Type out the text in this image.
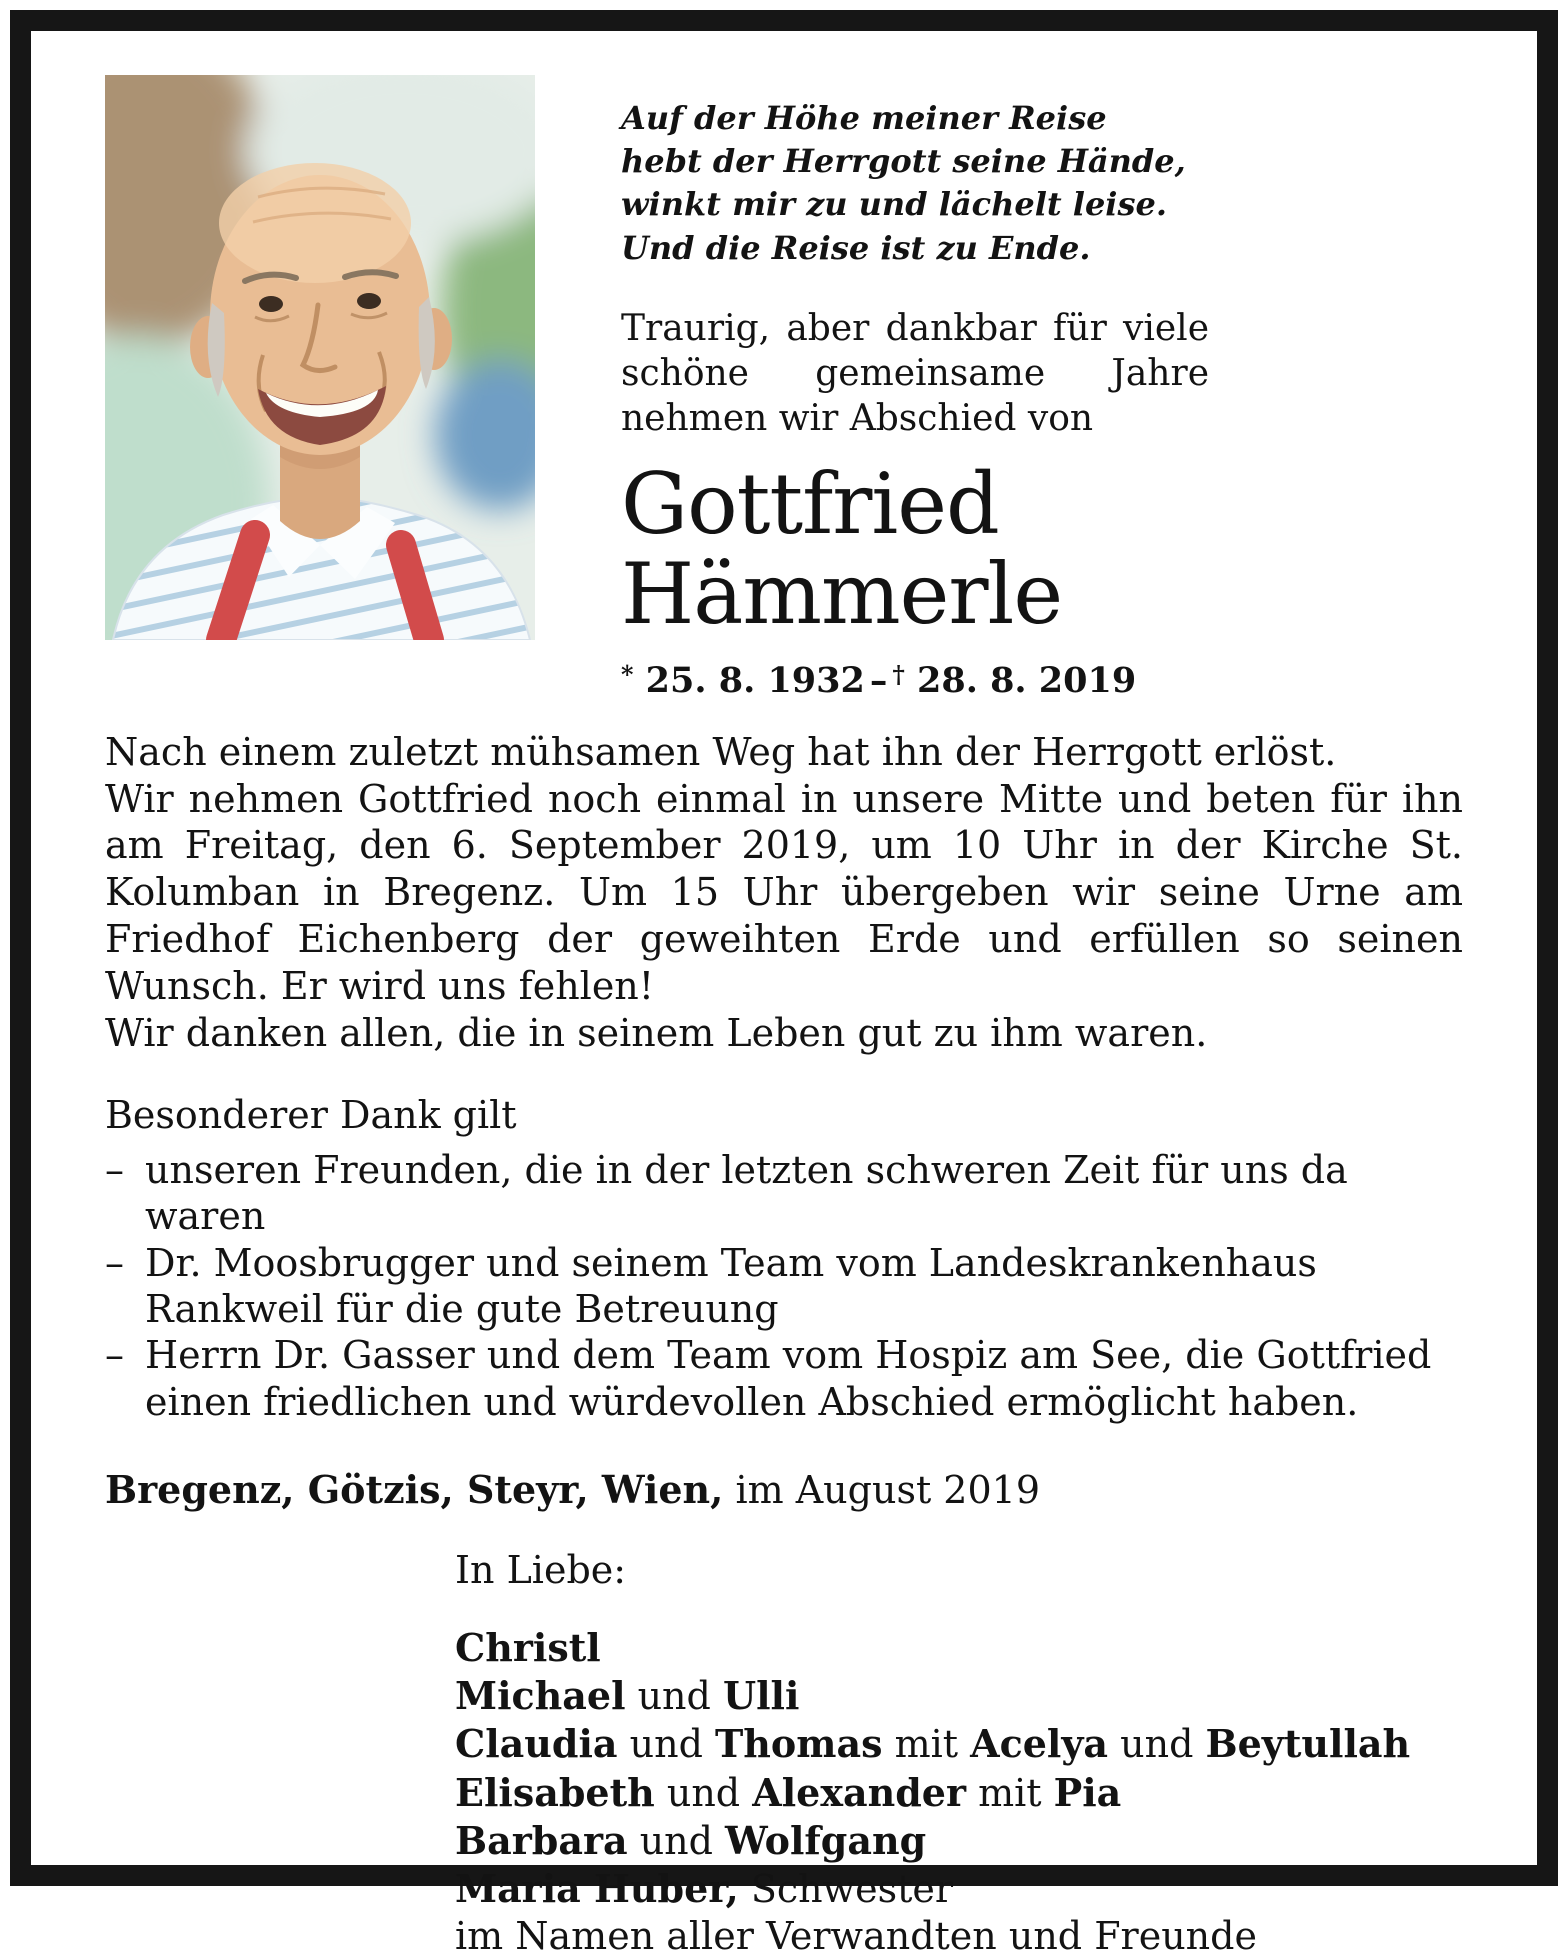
Auf der Höhe meiner Reise
hebt der Herrgott seine Hände,
winkt mir zu und lächelt leise.
Und die Reise ist zu Ende.

Traurig, aber dankbar für viele schöne gemeinsame Jahre nehmen wir Abschied von

Gottfried
Hämmerle
* 25. 8. 1932 – † 28. 8. 2019

Nach einem zuletzt mühsamen Weg hat ihn der Herrgott erlöst.

Wir nehmen Gottfried noch einmal in unsere Mitte und beten für ihn am Freitag, den 6. September 2019, um 10 Uhr in der Kirche St. Kolumban in Bregenz. Um 15 Uhr übergeben wir seine Urne am Friedhof Eichenberg der geweihten Erde und erfüllen so seinen Wunsch. Er wird uns fehlen!

Wir danken allen, die in seinem Leben gut zu ihm waren.

Besonderer Dank gilt

– unseren Freunden, die in der letzten schweren Zeit für uns da waren
– Dr. Moosbrugger und seinem Team vom Landeskrankenhaus Rankweil für die gute Betreuung
– Herrn Dr. Gasser und dem Team vom Hospiz am See, die Gottfried einen friedlichen und würdevollen Abschied ermöglicht haben.

Bregenz, Götzis, Steyr, Wien, im August 2019

In Liebe:

Christl

Michael und Ulli

Claudia und Thomas mit Acelya und Beytullah

Elisabeth und Alexander mit Pia

Barbara und Wolfgang

Maria Huber, Schwester

im Namen aller Verwandten und Freunde
